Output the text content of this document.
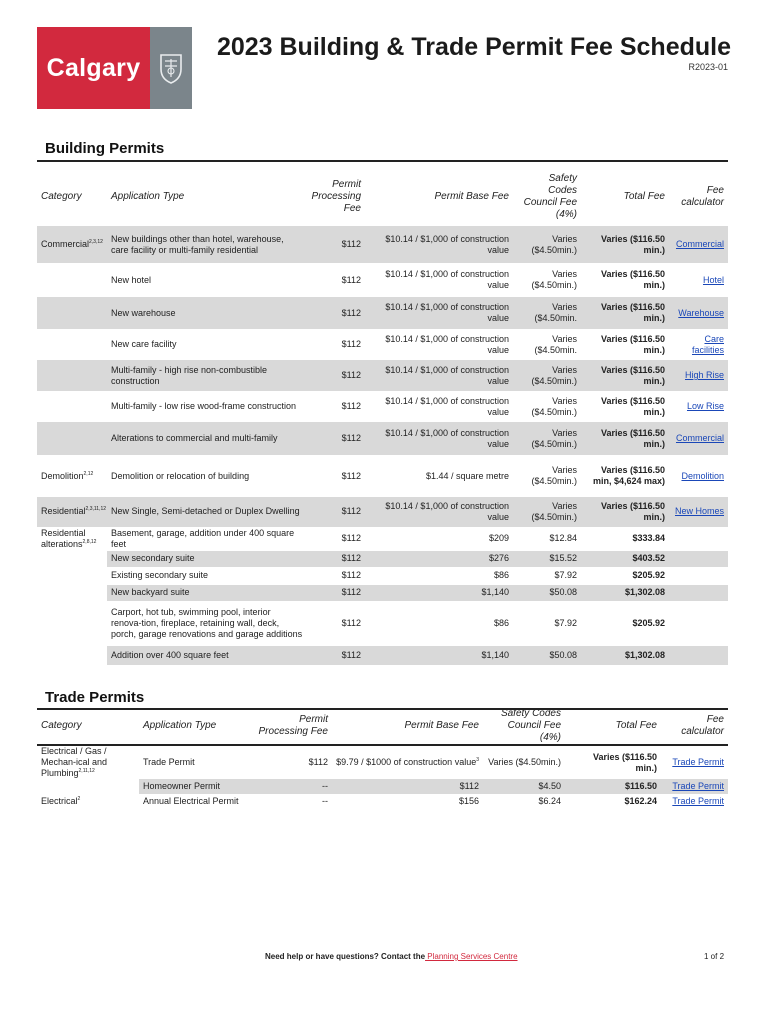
Calgary
2023 Building & Trade Permit Fee Schedule
R2023-01
Building Permits
Category	Application Type	Permit Processing Fee	Permit Base Fee	Safety Codes Council Fee (4%)	Total Fee	Fee calculator
Commercial$^{2,3,12}$	New buildings other than hotel, warehouse, care facility or multi-family residential	$112	$10.14 / $1,000 of construction value	Varies ($4.50min.)	Varies ($116.50 min.)	Commercial
	New hotel	$112	$10.14 / $1,000 of construction value	Varies ($4.50min.)	Varies ($116.50 min.)	Hotel
	New warehouse	$112	$10.14 / $1,000 of construction value	Varies ($4.50min.	Varies ($116.50 min.)	Warehouse
	New care facility	$112	$10.14 / $1,000 of construction value	Varies ($4.50min.	Varies ($116.50 min.)	Care facilities
	Multi-family - high rise non-combustible construction	$112	$10.14 / $1,000 of construction value	Varies ($4.50min.)	Varies ($116.50 min.)	High Rise
	Multi-family - low rise wood-frame construction	$112	$10.14 / $1,000 of construction value	Varies ($4.50min.)	Varies ($116.50 min.)	Low Rise
	Alterations to commercial and multi-family	$112	$10.14 / $1,000 of construction value	Varies ($4.50min.)	Varies ($116.50 min.)	Commercial
Demolition$^{2,12}$	Demolition or relocation of building	$112	$1.44 / square metre	Varies ($4.50min.)	Varies ($116.50 min, $4,624 max)	Demolition
Residential$^{2,3,11,12}$	New Single, Semi-detached or Duplex Dwelling	$112	$10.14 / $1,000 of construction value	Varies ($4.50min.)	Varies ($116.50 min.)	New Homes
Residential alterations$^{2,8,12}$	Basement, garage, addition under 400 square feet	$112	$209	$12.84	$333.84	
	New secondary suite	$112	$276	$15.52	$403.52	
	Existing secondary suite	$112	$86	$7.92	$205.92	
	New backyard suite	$112	$1,140	$50.08	$1,302.08	
	Carport, hot tub, swimming pool, interior renova-tion, fireplace, retaining wall, deck, porch, garage renovations and garage additions	$112	$86	$7.92	$205.92	
	Addition over 400 square feet	$112	$1,140	$50.08	$1,302.08	
Trade Permits
Category	Application Type	Permit Processing Fee	Permit Base Fee	Safety Codes Council Fee (4%)	Total Fee	Fee calculator
Electrical / Gas / Mechan-ical and Plumbing$^{2,11,12}$	Trade Permit	$112	$9.79 / $1000 of construction value$^3$	Varies ($4.50min.)	Varies ($116.50 min.)	Trade Permit
	Homeowner Permit	--	$112	$4.50	$116.50	Trade Permit
Electrical$^2$	Annual Electrical Permit	--	$156	$6.24	$162.24	Trade Permit
Need help or have questions? Contact the Planning Services Centre	1 of 2
